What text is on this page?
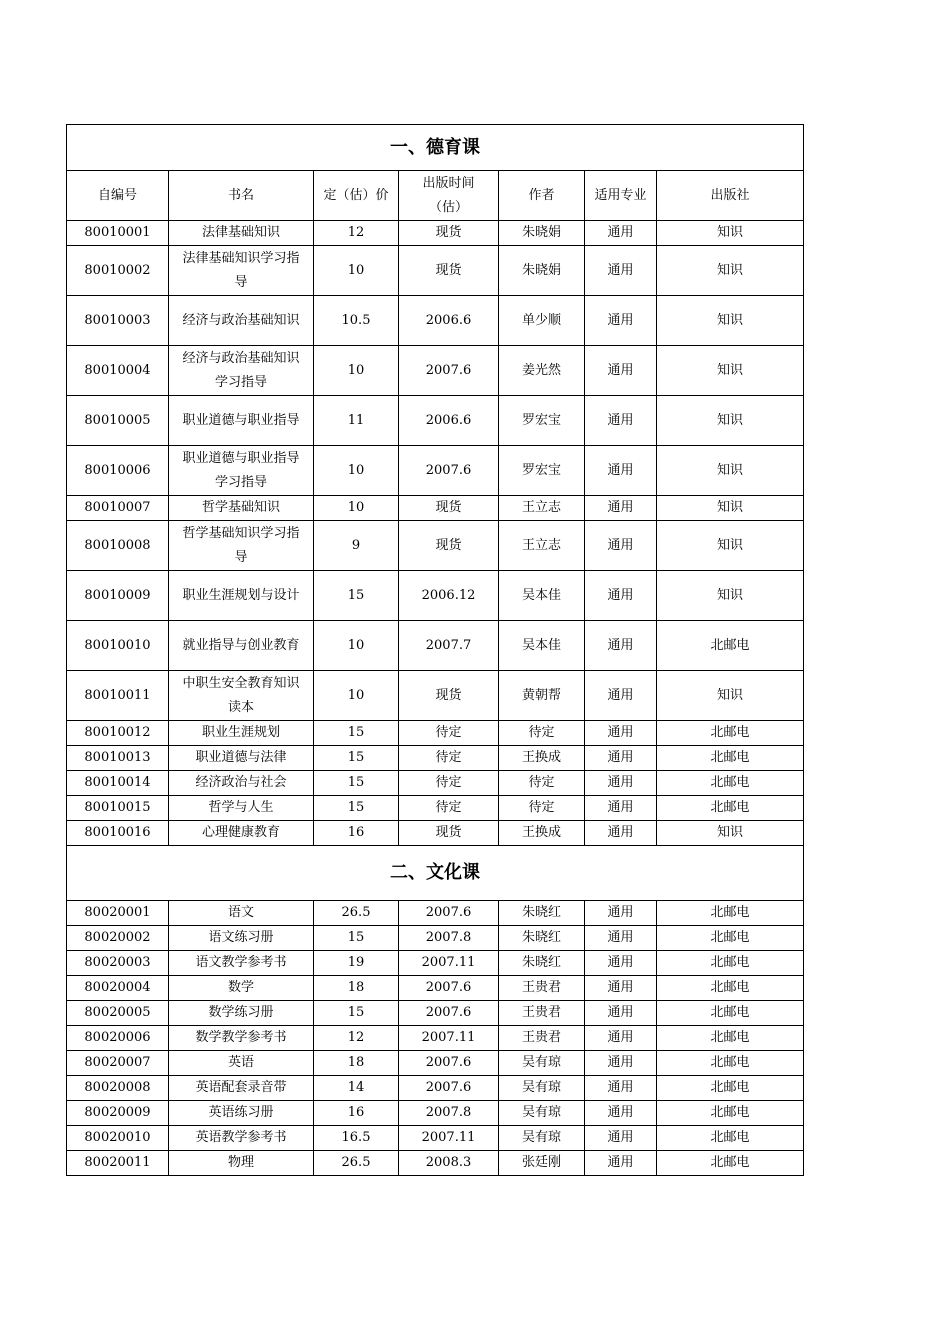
一、德育课						
自编号	书名	定（估）价	出版时间（估）	作者	适用专业	出版社
80010001	法律基础知识	12	现货	朱晓娟	通用	知识
80010002	法律基础知识学习指导	10	现货	朱晓娟	通用	知识
80010003	经济与政治基础知识	10.5	2006.6	单少顺	通用	知识
80010004	经济与政治基础知识学习指导	10	2007.6	姜光然	通用	知识
80010005	职业道德与职业指导	11	2006.6	罗宏宝	通用	知识
80010006	职业道德与职业指导学习指导	10	2007.6	罗宏宝	通用	知识
80010007	哲学基础知识	10	现货	王立志	通用	知识
80010008	哲学基础知识学习指导	9	现货	王立志	通用	知识
80010009	职业生涯规划与设计	15	2006.12	吴本佳	通用	知识
80010010	就业指导与创业教育	10	2007.7	吴本佳	通用	北邮电
80010011	中职生安全教育知识读本	10	现货	黄朝帮	通用	知识
80010012	职业生涯规划	15	待定	待定	通用	北邮电
80010013	职业道德与法律	15	待定	王换成	通用	北邮电
80010014	经济政治与社会	15	待定	待定	通用	北邮电
80010015	哲学与人生	15	待定	待定	通用	北邮电
80010016	心理健康教育	16	现货	王换成	通用	知识
二、文化课						
80020001	语文	26.5	2007.6	朱晓红	通用	北邮电
80020002	语文练习册	15	2007.8	朱晓红	通用	北邮电
80020003	语文教学参考书	19	2007.11	朱晓红	通用	北邮电
80020004	数学	18	2007.6	王贵君	通用	北邮电
80020005	数学练习册	15	2007.6	王贵君	通用	北邮电
80020006	数学教学参考书	12	2007.11	王贵君	通用	北邮电
80020007	英语	18	2007.6	吴有琼	通用	北邮电
80020008	英语配套录音带	14	2007.6	吴有琼	通用	北邮电
80020009	英语练习册	16	2007.8	吴有琼	通用	北邮电
80020010	英语教学参考书	16.5	2007.11	吴有琼	通用	北邮电
80020011	物理	26.5	2008.3	张廷刚	通用	北邮电
